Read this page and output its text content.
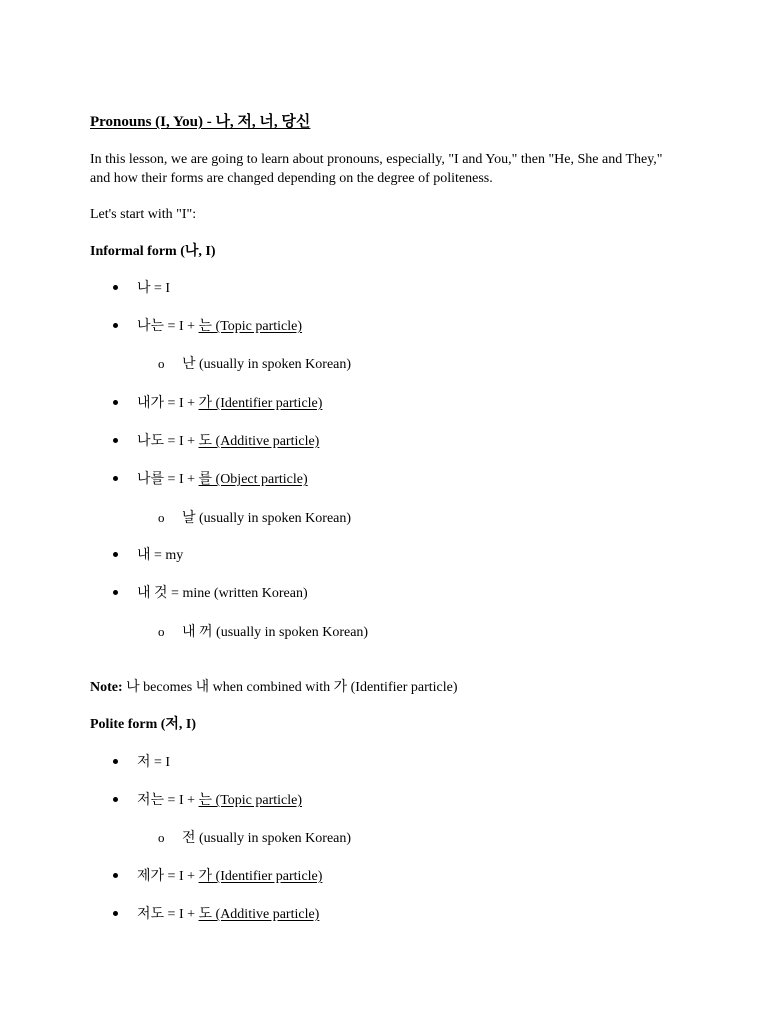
Pronouns (I, You) - 나, 저, 너, 당신
In this lesson, we are going to learn about pronouns, especially, "I and You," then "He, She and They," and how their forms are changed depending on the degree of politeness.
Let's start with "I":
Informal form (나, I)
나 = I
나는 = I + 는 (Topic particle)
o 난 (usually in spoken Korean)
내가 = I + 가 (Identifier particle)
나도 = I + 도 (Additive particle)
나를 = I + 를 (Object particle)
o 날 (usually in spoken Korean)
내 = my
내 것 = mine (written Korean)
o 내 꺼 (usually in spoken Korean)
Note: 나 becomes 내 when combined with 가 (Identifier particle)
Polite form (저, I)
저 = I
저는 = I + 는 (Topic particle)
o 전 (usually in spoken Korean)
제가 = I + 가 (Identifier particle)
저도 = I + 도 (Additive particle)
